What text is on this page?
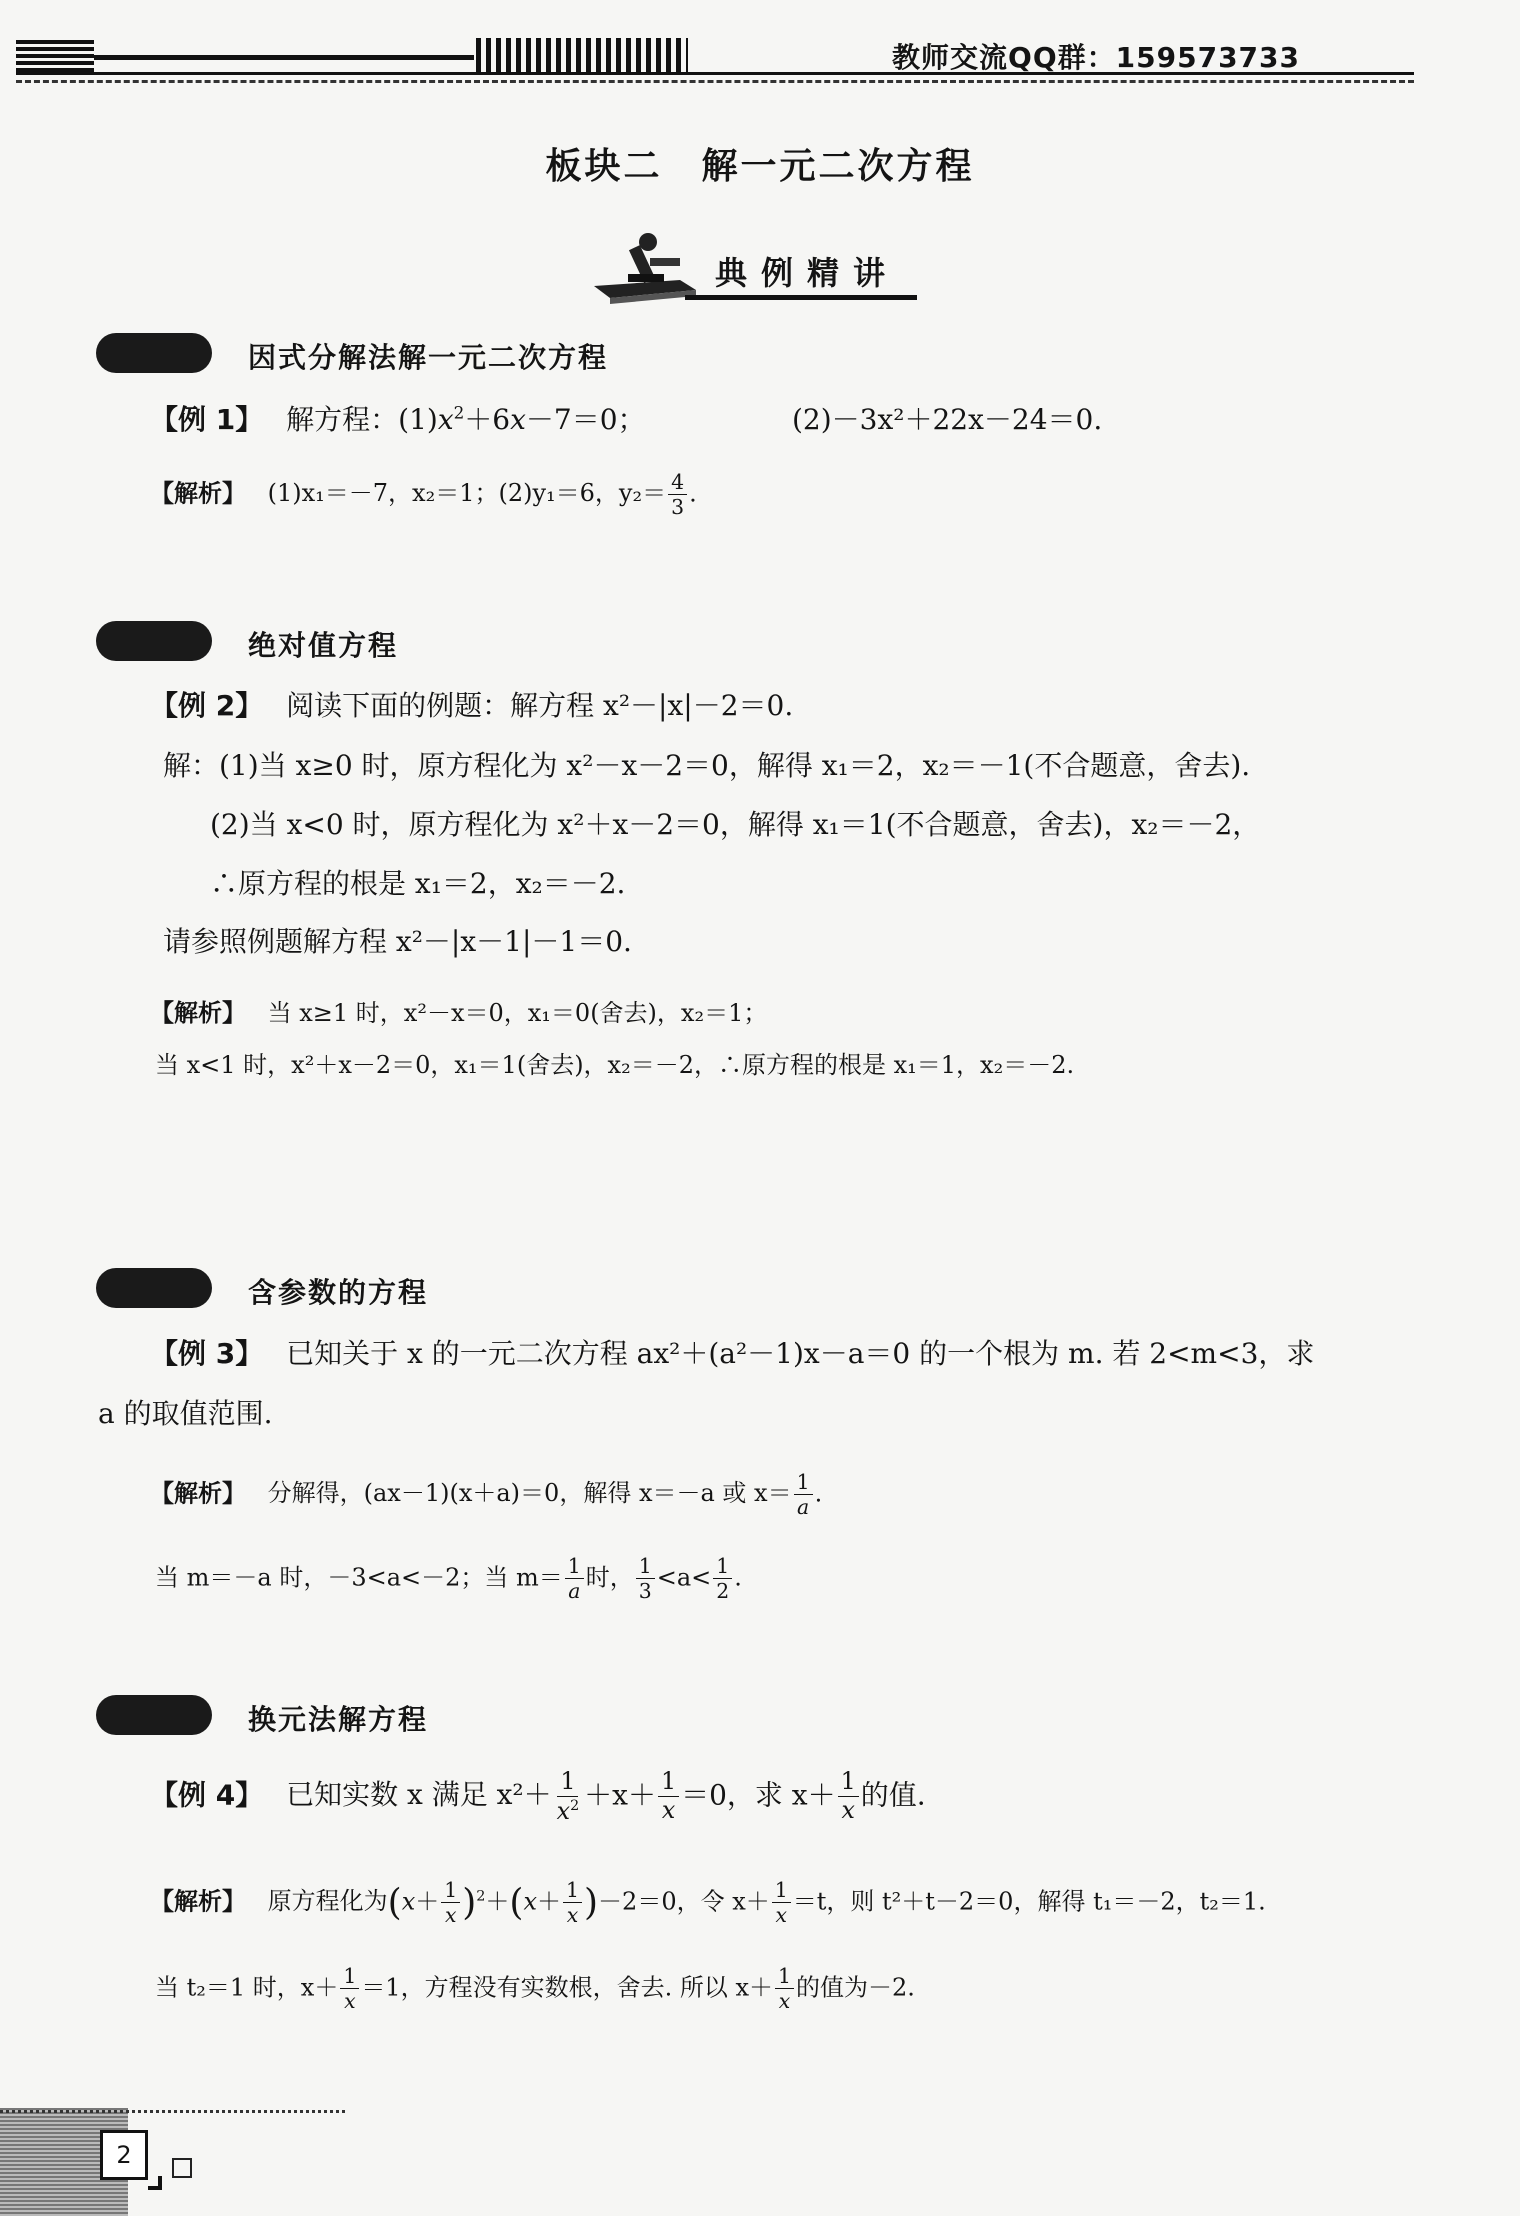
教师交流QQ群：159573733
板块二　解一元二次方程
典例精讲
因式分解法解一元二次方程
【例 1】 解方程：$(1)x^2+6x-7=0$；	(2)－3x²＋22x－24＝0.
【解析】 (1)x₁＝－7，x₂＝1；(2)y₁＝6，$y_2= \frac{4}{3}$ .
绝对值方程
【例 2】 阅读下面的例题：解方程 x²－|x|－2＝0.
解：(1)当 x≥0 时，原方程化为 x²－x－2＝0，解得 x₁＝2，x₂＝－1(不合题意，舍去).
(2)当 x<0 时，原方程化为 x²＋x－2＝0，解得 x₁＝1(不合题意，舍去)，x₂＝－2，
∴原方程的根是 x₁＝2，x₂＝－2.
请参照例题解方程 x²－|x－1|－1＝0.
【解析】 当 x≥1 时，x²－x＝0，x₁＝0(舍去)，x₂＝1；
当 x<1 时，x²＋x－2＝0，x₁＝1(舍去)，x₂＝－2，∴原方程的根是 x₁＝1，x₂＝－2.
含参数的方程
【例 3】 已知关于 x 的一元二次方程 ax²＋(a²－1)x－a＝0 的一个根为 m. 若 2<m<3，求
a 的取值范围.
【解析】 分解得，(ax－1)(x＋a)＝0，解得 x＝－a 或 $x= \frac{1}{a}$ .
当 m＝－a 时，－3<a<－2；当 $m= \frac{1}{a}$ 时， $\frac{1}{3} <a< \frac{1}{2}$ .
换元法解方程
【例 4】 已知实数 x 满足 $x^2+ \frac{1}{x^2} +x+ \frac{1}{x} =0$，求 $x+ \frac{1}{x}$ 的值.
【解析】 原方程化为$(x+ \frac{1}{x} )^2+(x+ \frac{1}{x} )-2=0$，令 $x+ \frac{1}{x} =t$，则 t²＋t－2＝0，解得 t₁＝－2，t₂＝1.
当 t₂＝1 时，$x+ \frac{1}{x} =1$，方程没有实数根，舍去. 所以 $x+ \frac{1}{x}$ 的值为－2.
2
